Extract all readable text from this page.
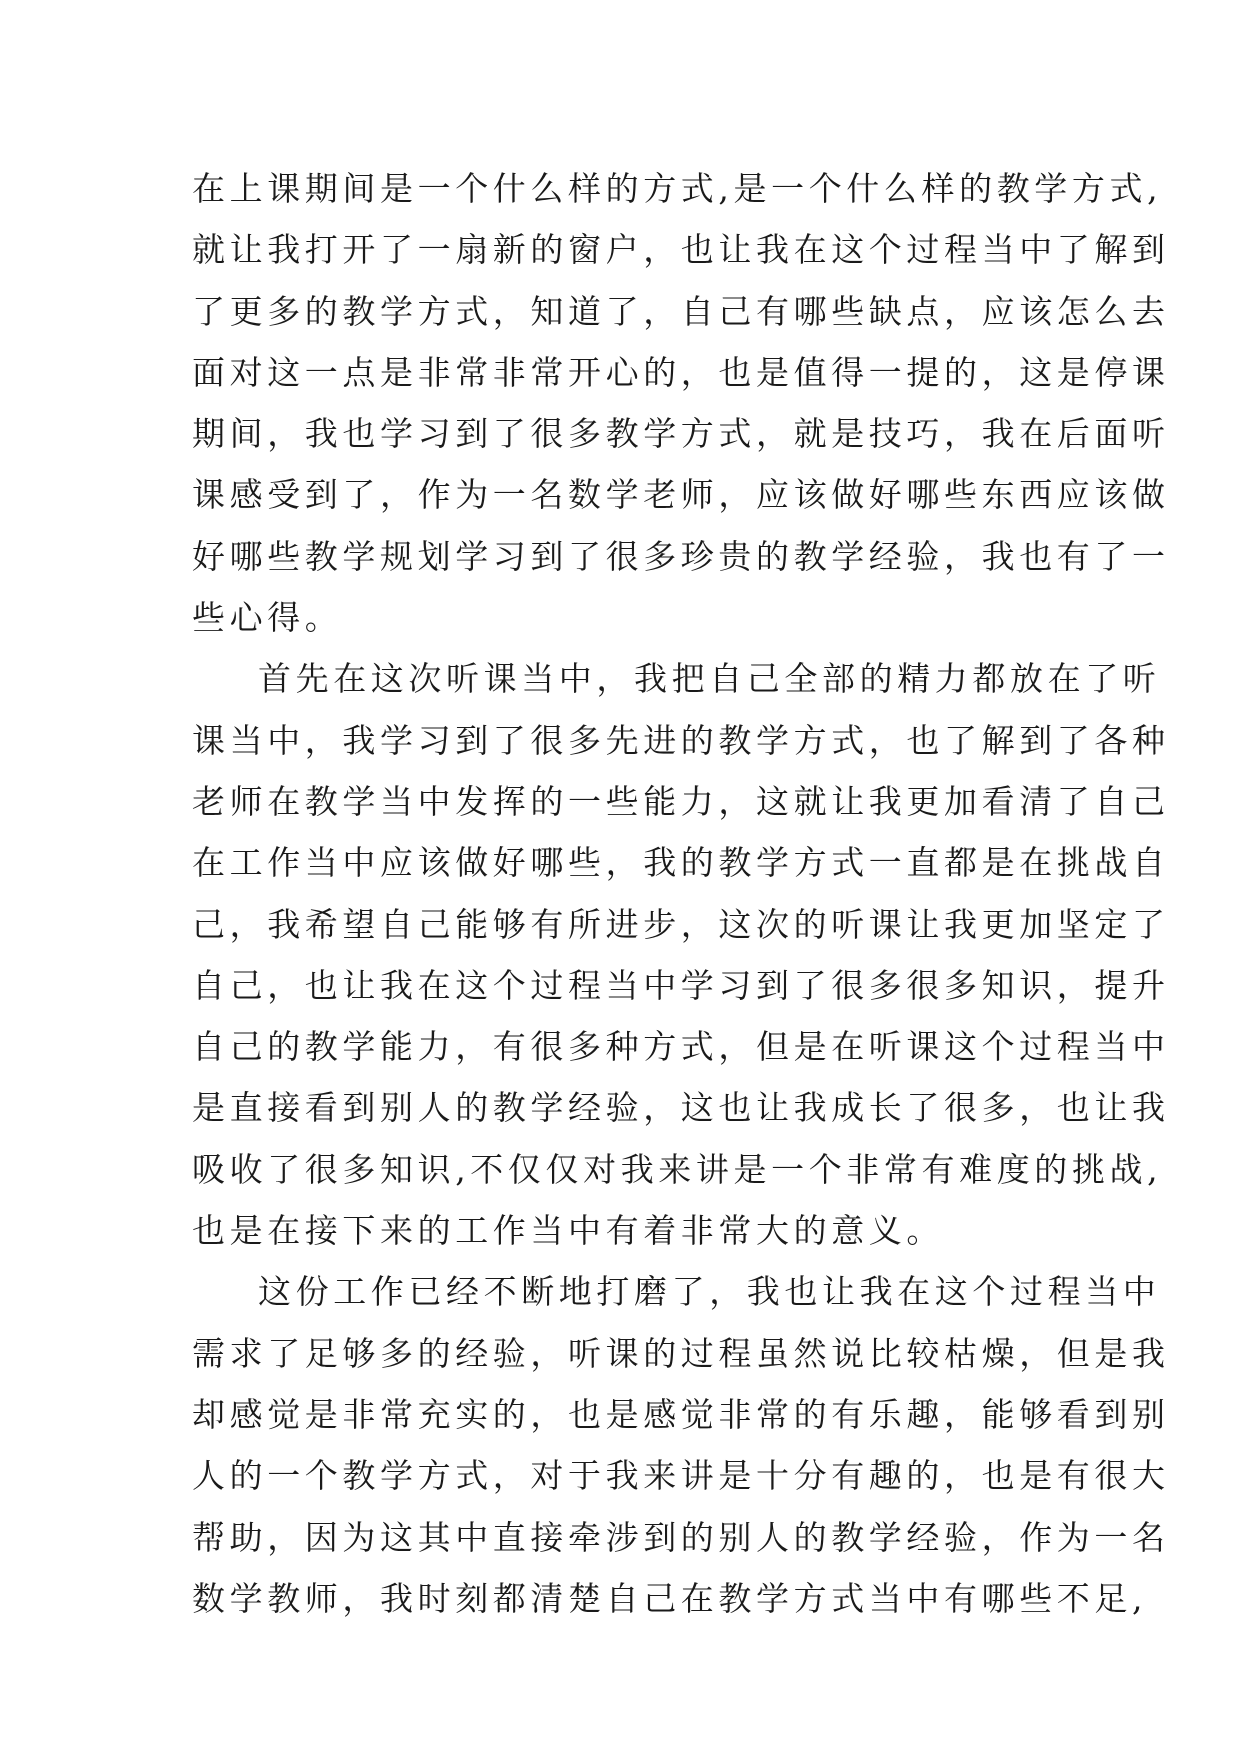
在上课期间是一个什么样的方式,是一个什么样的教学方式,
就让我打开了一扇新的窗户，也让我在这个过程当中了解到
了更多的教学方式，知道了，自己有哪些缺点，应该怎么去
面对这一点是非常非常开心的，也是值得一提的，这是停课
期间，我也学习到了很多教学方式，就是技巧，我在后面听
课感受到了，作为一名数学老师，应该做好哪些东西应该做
好哪些教学规划学习到了很多珍贵的教学经验，我也有了一
些心得。
首先在这次听课当中，我把自己全部的精力都放在了听
课当中，我学习到了很多先进的教学方式，也了解到了各种
老师在教学当中发挥的一些能力，这就让我更加看清了自己
在工作当中应该做好哪些，我的教学方式一直都是在挑战自
己，我希望自己能够有所进步，这次的听课让我更加坚定了
自己，也让我在这个过程当中学习到了很多很多知识，提升
自己的教学能力，有很多种方式，但是在听课这个过程当中
是直接看到别人的教学经验，这也让我成长了很多，也让我
吸收了很多知识,不仅仅对我来讲是一个非常有难度的挑战,
也是在接下来的工作当中有着非常大的意义。
这份工作已经不断地打磨了，我也让我在这个过程当中
需求了足够多的经验，听课的过程虽然说比较枯燥，但是我
却感觉是非常充实的，也是感觉非常的有乐趣，能够看到别
人的一个教学方式，对于我来讲是十分有趣的，也是有很大
帮助，因为这其中直接牵涉到的别人的教学经验，作为一名
数学教师，我时刻都清楚自己在教学方式当中有哪些不足,
